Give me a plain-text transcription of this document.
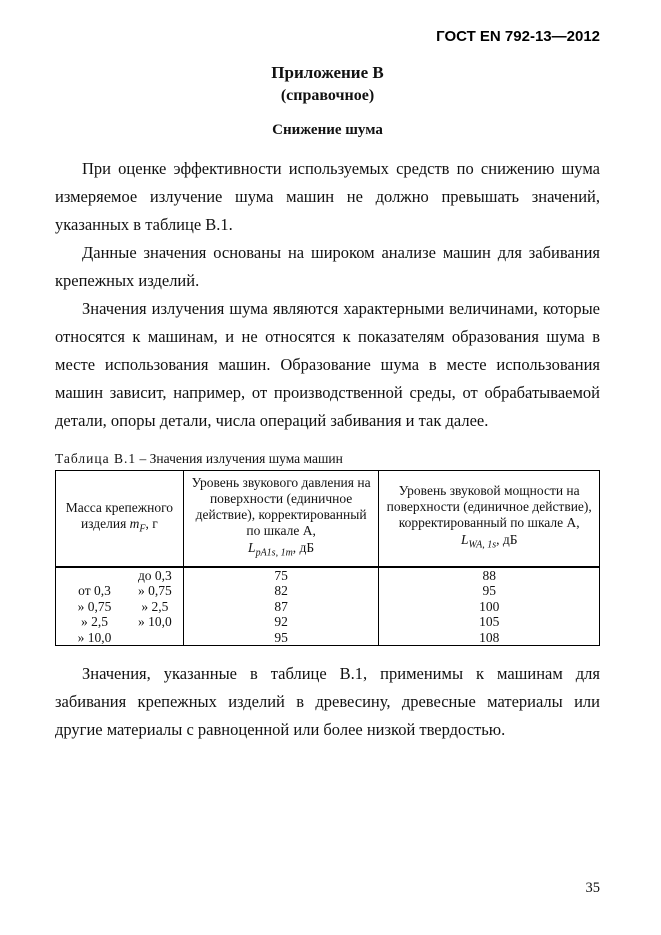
ГОСТ EN 792-13—2012

Приложение В

(справочное)

Снижение шума

При оценке эффективности используемых средств по снижению шума измеряемое излучение шума машин не должно превышать значений, указанных в таблице В.1.

Данные значения основаны на широком анализе машин для забивания крепежных изделий.

Значения излучения шума являются характерными величинами, которые относятся к машинам, и не относятся к показателям образования шума в месте использования машин. Образование шума в месте использования машин зависит, например, от производственной среды, от обрабатываемой детали, опоры детали, числа операций забивания и так далее.

Таблица В.1 – Значения излучения шума машин

Масса крепежного изделия $m_F$, г	
Уровень звукового давления на поверхности (единичное действие), корректированный по шкале А,
$L_{pA1s, 1m}$, дБ

Уровень звуковой мощности на поверхности (единичное действие), корректированный по шкале А,
$L_{WA, 1s}$, дБ

до 0,3	75	88

от 0,3 » 0,75	82	95

» 0,75 » 2,5	87	100

» 2,5 » 10,0	92	105

» 10,0	95	108

Значения, указанные в таблице В.1, применимы к машинам для забивания крепежных изделий в древесину, древесные материалы или другие материалы с равноценной или более низкой твердостью.

35
